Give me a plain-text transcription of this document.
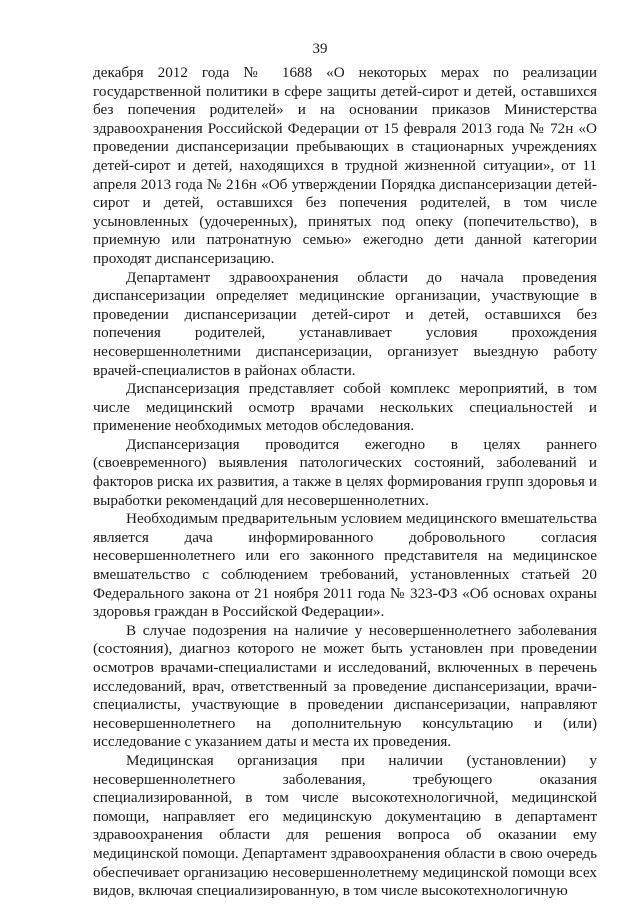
39

декабря 2012 года № 1688 «О некоторых мерах по реализации государственной политики в сфере защиты детей-сирот и детей, оставшихся без попечения родителей» и на основании приказов Министерства здравоохранения Российской Федерации от 15 февраля 2013 года № 72н «О проведении диспансеризации пребывающих в стационарных учреждениях детей-сирот и детей, находящихся в трудной жизненной ситуации», от 11 апреля 2013 года № 216н «Об утверждении Порядка диспансеризации детей-сирот и детей, оставшихся без попечения родителей, в том числе усыновленных (удочеренных), принятых под опеку (попечительство), в приемную или патронатную семью» ежегодно дети данной категории проходят диспансеризацию.

Департамент здравоохранения области до начала проведения диспансеризации определяет медицинские организации, участвующие в проведении диспансеризации детей-сирот и детей, оставшихся без попечения родителей, устанавливает условия прохождения несовершеннолетними диспансеризации, организует выездную работу врачей-специалистов в районах области.

Диспансеризация представляет собой комплекс мероприятий, в том числе медицинский осмотр врачами нескольких специальностей и применение необходимых методов обследования.

Диспансеризация проводится ежегодно в целях раннего (своевременного) выявления патологических состояний, заболеваний и факторов риска их развития, а также в целях формирования групп здоровья и выработки рекомендаций для несовершеннолетних.

Необходимым предварительным условием медицинского вмешательства является дача информированного добровольного согласия несовершеннолетнего или его законного представителя на медицинское вмешательство с соблюдением требований, установленных статьей 20 Федерального закона от 21 ноября 2011 года № 323-ФЗ «Об основах охраны здоровья граждан в Российской Федерации».

В случае подозрения на наличие у несовершеннолетнего заболевания (состояния), диагноз которого не может быть установлен при проведении осмотров врачами-специалистами и исследований, включенных в перечень исследований, врач, ответственный за проведение диспансеризации, врачи-специалисты, участвующие в проведении диспансеризации, направляют несовершеннолетнего на дополнительную консультацию и (или) исследование с указанием даты и места их проведения.

Медицинская организация при наличии (установлении) у несовершеннолетнего заболевания, требующего оказания специализированной, в том числе высокотехнологичной, медицинской помощи, направляет его медицинскую документацию в департамент здравоохранения области для решения вопроса об оказании ему медицинской помощи. Департамент здравоохранения области в свою очередь обеспечивает организацию несовершеннолетнему медицинской помощи всех видов, включая специализированную, в том числе высокотехнологичную
